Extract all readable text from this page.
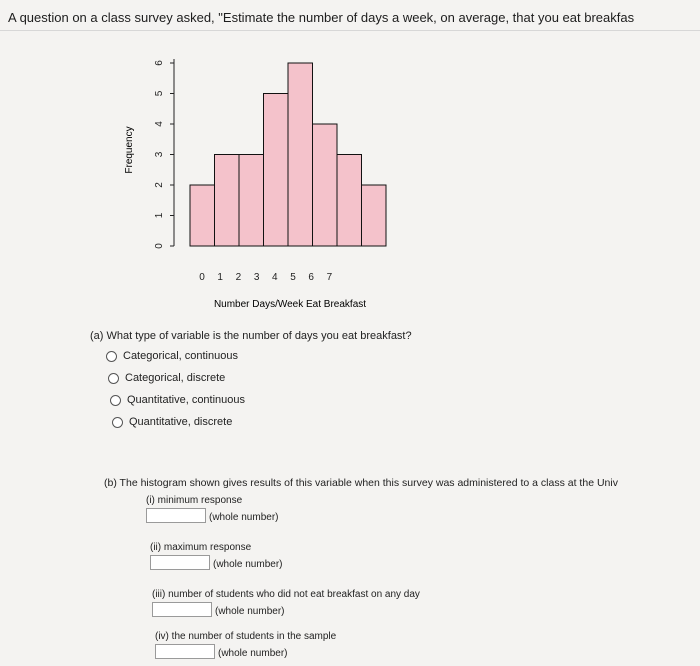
A question on a class survey asked, "Estimate the number of days a week, on average, that you eat breakfas
0
1
2
3
4
5
6
0 1 2 3 4 5 6 7
Frequency
Number Days/Week Eat Breakfast

(a) What type of variable is the number of days you eat breakfast?

Categorical, continuous
Categorical, discrete
Quantitative, continuous
Quantitative, discrete

(b) The histogram shown gives results of this variable when this survey was administered to a class at the Univ

(i) minimum response
(whole number)
(ii) maximum response
(whole number)
(iii) number of students who did not eat breakfast on any day
(whole number)
(iv) the number of students in the sample
(whole number)
